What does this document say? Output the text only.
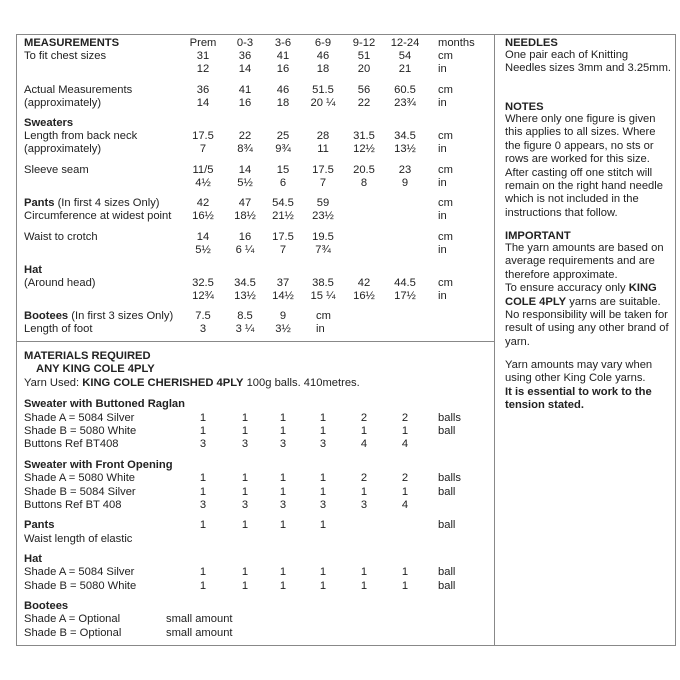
MEASUREMENTS	Prem	0-3	3-6	6-9	9-12	12-24	months
To fit chest sizes	31	36	41	46	51	54	cm
12	14	16	18	20	21	in
Actual Measurements	36	41	46	51.5	56	60.5	cm
(approximately)	14	16	18	20 ¼	22	23¾	in
Sweaters
Length from back neck	17.5	22	25	28	31.5	34.5	cm
(approximately)	7	8¾	9¾	11	12½	13½	in
Sleeve seam	11/5	14	15	17.5	20.5	23	cm
4½	5½	6	7	8	9	in
Pants (In first 4 sizes Only)	42	47	54.5	59	cm
Circumference at widest point	16½	18½	21½	23½	in
Waist to crotch	14	16	17.5	19.5	cm
5½	6 ¼	7	7¾	in
Hat
(Around head)	32.5	34.5	37	38.5	42	44.5	cm
12¾	13½	14½	15 ¼	16½	17½	in
Bootees (In first 3 sizes Only)	7.5	8.5	9	cm
Length of foot	3	3 ¼	3½	in
MATERIALS REQUIRED
ANY KING COLE 4PLY
Yarn Used: KING COLE CHERISHED 4PLY 100g balls. 410metres.
Sweater with Buttoned Raglan
Shade A = 5084 Silver	1	1	1	1	2	2	balls
Shade B = 5080 White	1	1	1	1	1	1	ball
Buttons Ref BT408	3	3	3	3	4	4
Sweater with Front Opening
Shade A = 5080 White	1	1	1	1	2	2	balls
Shade B = 5084 Silver	1	1	1	1	1	1	ball
Buttons Ref BT 408	3	3	3	3	3	4
Pants	1	1	1	1	ball
Waist length of elastic
Hat
Shade A = 5084 Silver	1	1	1	1	1	1	ball
Shade B = 5080 White	1	1	1	1	1	1	ball
Bootees
Shade A = Optional	small amount
Shade B = Optional	small amount
NEEDLES
One pair each of Knitting Needles sizes 3mm and 3.25mm.
NOTES
Where only one figure is given this applies to all sizes. Where the figure 0 appears, no sts or rows are worked for this size. After casting off one stitch will remain on the right hand needle which is not included in the instructions that follow.
IMPORTANT

The yarn amounts are based on average requirements and are therefore approximate.

To ensure accuracy only KING COLE 4PLY yarns are suitable.

No responsibility will be taken for result of using any other brand of yarn.

Yarn amounts may vary when using other King Cole yarns.

It is essential to work to the tension stated.
